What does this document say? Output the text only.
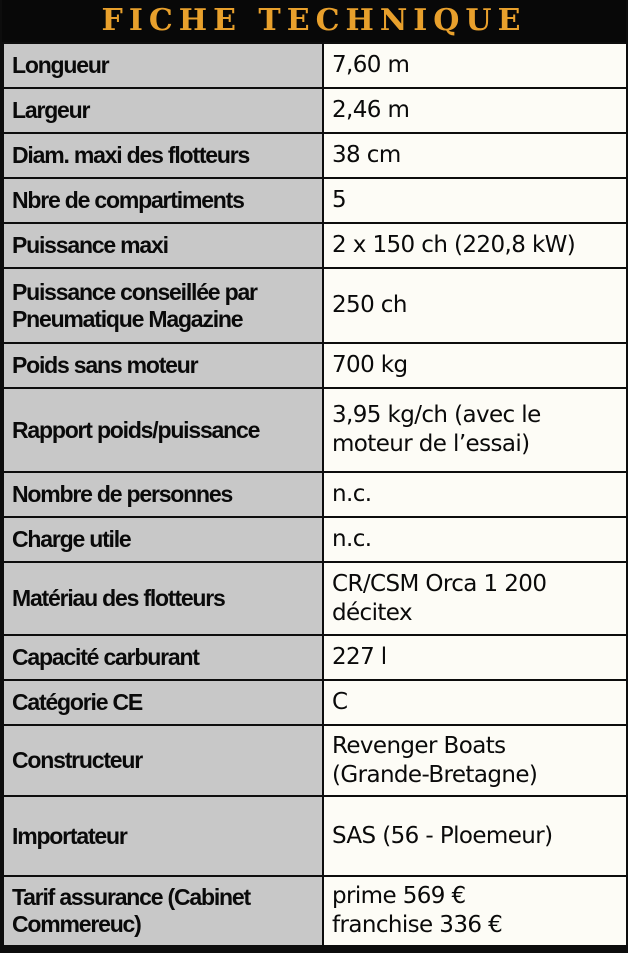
FICHE TECHNIQUE
Longueur	7,60 m

Largeur	2,46 m

Diam. maxi des flotteurs	38 cm

Nbre de compartiments	5

Puissance maxi	2 x 150 ch (220,8 kW)

Puissance conseillée par Pneumatique Magazine	250 ch

Poids sans moteur	700 kg

Rapport poids/puissance	3,95 kg/ch (avec le
moteur de l’essai)

Nombre de personnes	n.c.

Charge utile	n.c.

Matériau des flotteurs	CR/CSM Orca 1 200
décitex

Capacité carburant	227 l

Catégorie CE	C

Constructeur	Revenger Boats
(Grande-Bretagne)

Importateur	SAS (56 - Ploemeur)

Tarif assurance (Cabinet Commereuc)	prime 569 €
franchise 336 €
